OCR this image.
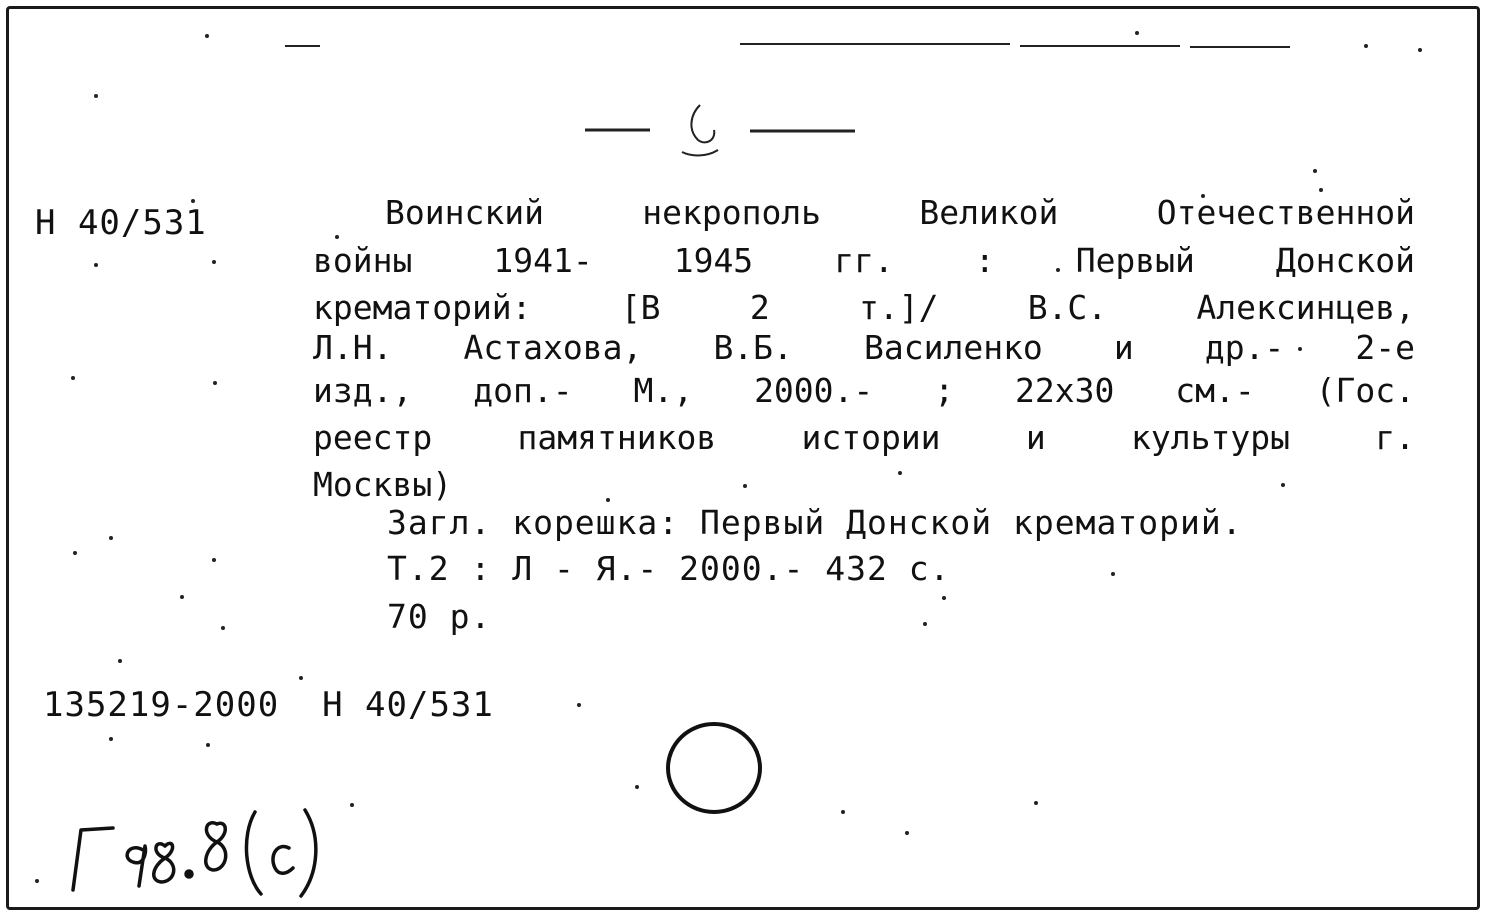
Н 40/531	Воинский некрополь Великой Отечественной
войны 1941- 1945 гг. : Первый Донской
крематорий: [В 2 т.]/ В.С. Алексинцев,
Л.Н. Астахова, В.Б. Василенко и др.- 2-е
изд., доп.- М., 2000.- ; 22х30 см.- (Гос.
реестр памятников истории и культуры г.
Москвы)
Загл. корешка: Первый Донской крематорий.
Т.2 : Л - Я.- 2000.- 432 с.
70 р.
135219-2000  Н 40/531
